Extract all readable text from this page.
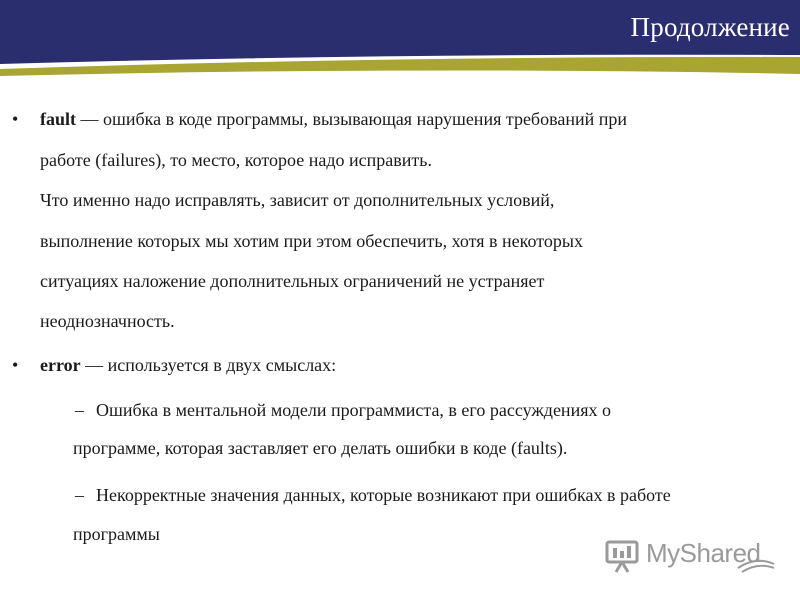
Продолжение
• fault — ошибка в коде программы, вызывающая нарушения требований при
работе (failures), то место, которое надо исправить.
Что именно надо исправлять, зависит от дополнительных условий,
выполнение которых мы хотим при этом обеспечить, хотя в некоторых
ситуациях наложение дополнительных ограничений не устраняет
неоднозначность.
• error — используется в двух смыслах:
– Ошибка в ментальной модели программиста, в его рассуждениях о
программе, которая заставляет его делать ошибки в коде (faults).
– Некорректные значения данных, которые возникают при ошибках в работе
программы
MyShared
